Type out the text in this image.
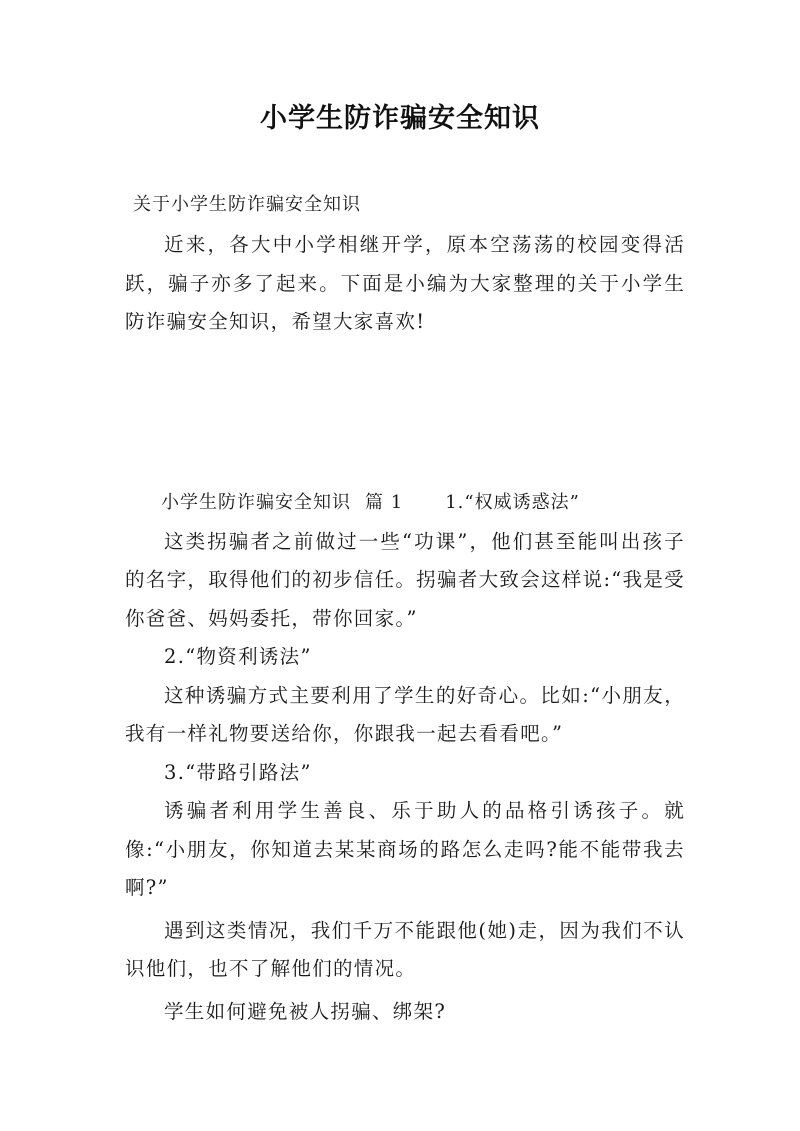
小学生防诈骗安全知识
关于小学生防诈骗安全知识

近来，各大中小学相继开学，原本空荡荡的校园变得活跃，骗子亦多了起来。下面是小编为大家整理的关于小学生防诈骗安全知识，希望大家喜欢!

小学生防诈骗安全知识 篇 1 1.“权威诱惑法”

这类拐骗者之前做过一些“功课”，他们甚至能叫出孩子的名字，取得他们的初步信任。拐骗者大致会这样说:“我是受你爸爸、妈妈委托，带你回家。”

2.“物资利诱法”

这种诱骗方式主要利用了学生的好奇心。比如:“小朋友，我有一样礼物要送给你，你跟我一起去看看吧。”

3.“带路引路法”

诱骗者利用学生善良、乐于助人的品格引诱孩子。就像:“小朋友，你知道去某某商场的路怎么走吗?能不能带我去啊?”

遇到这类情况，我们千万不能跟他(她)走，因为我们不认识他们，也不了解他们的情况。

学生如何避免被人拐骗、绑架?
